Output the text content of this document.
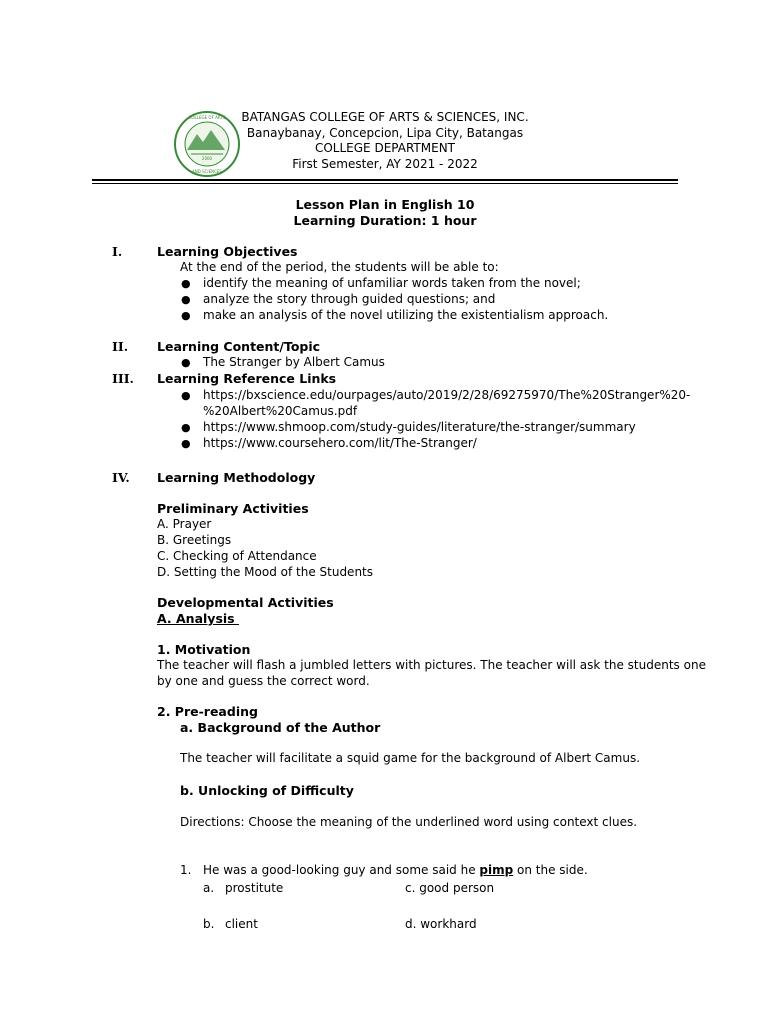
2000
COLLEGE OF ARTS
AND SCIENCES
BATANGAS COLLEGE OF ARTS & SCIENCES, INC.
Banaybanay, Concepcion, Lipa City, Batangas
COLLEGE DEPARTMENT
First Semester, AY 2021 - 2022
Lesson Plan in English 10
Learning Duration: 1 hour
I.	Learning Objectives
At the end of the period, the students will be able to:
● identify the meaning of unfamiliar words taken from the novel;
● analyze the story through guided questions; and
● make an analysis of the novel utilizing the existentialism approach.
II. Learning Content/Topic
● The Stranger by Albert Camus
III. Learning Reference Links
● https://bxscience.edu/ourpages/auto/2019/2/28/69275970/The%20Stranger%20-
%20Albert%20Camus.pdf
● https://www.shmoop.com/study-guides/literature/the-stranger/summary
● https://www.coursehero.com/lit/The-Stranger/
IV. Learning Methodology
Preliminary Activities
A. Prayer
B. Greetings
C. Checking of Attendance
D. Setting the Mood of the Students
Developmental Activities
A. Analysis
1. Motivation
The teacher will flash a jumbled letters with pictures. The teacher will ask the students one
by one and guess the correct word.
2. Pre-reading
a. Background of the Author
The teacher will facilitate a squid game for the background of Albert Camus.
b. Unlocking of Difficulty
Directions: Choose the meaning of the underlined word using context clues.
1. He was a good-looking guy and some said he pimp on the side.
a. prostitute	c. good person
b. client	d. workhard
